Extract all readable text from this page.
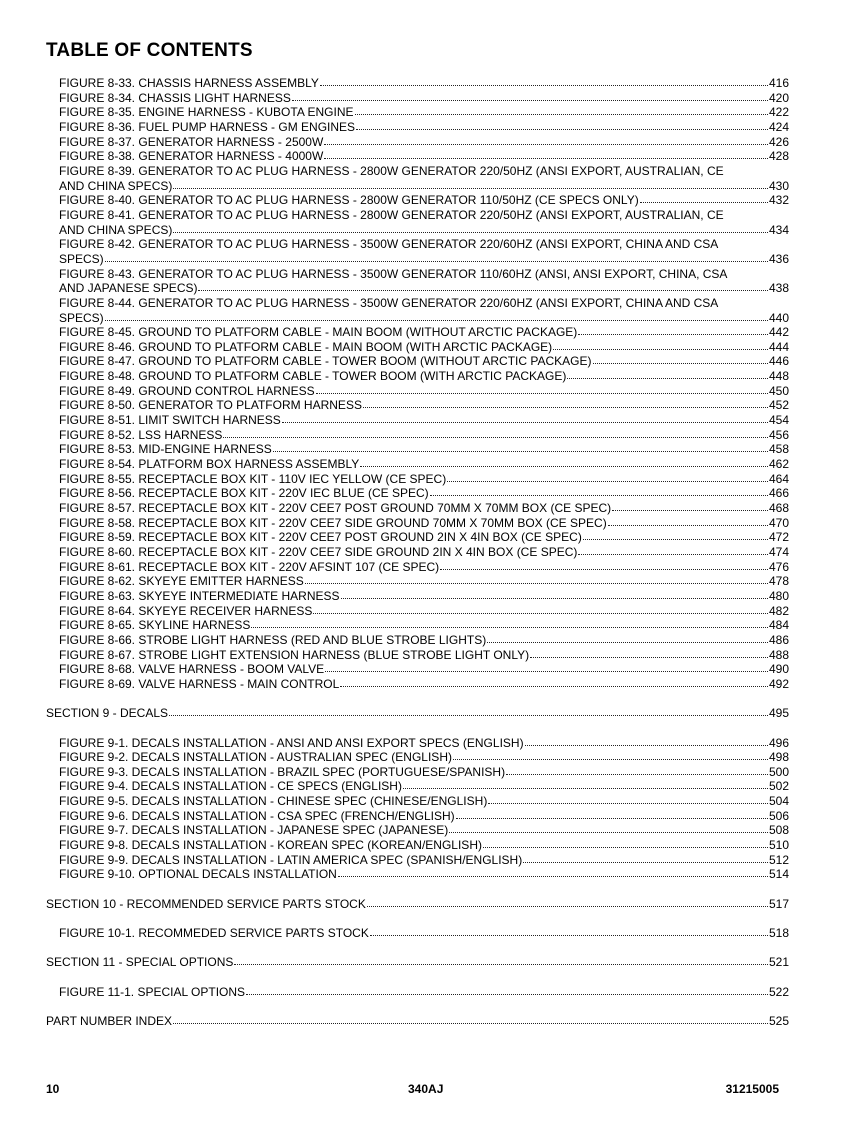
TABLE OF CONTENTS
FIGURE 8-33. CHASSIS HARNESS ASSEMBLY	416
FIGURE 8-34. CHASSIS LIGHT HARNESS	420
FIGURE 8-35. ENGINE HARNESS - KUBOTA ENGINE	422
FIGURE 8-36. FUEL PUMP HARNESS - GM ENGINES	424
FIGURE 8-37. GENERATOR HARNESS - 2500W	426
FIGURE 8-38. GENERATOR HARNESS - 4000W	428
FIGURE 8-39. GENERATOR TO AC PLUG HARNESS - 2800W GENERATOR 220/50HZ (ANSI EXPORT, AUSTRALIAN, CE
AND CHINA SPECS)	430
FIGURE 8-40. GENERATOR TO AC PLUG HARNESS - 2800W GENERATOR 110/50HZ (CE SPECS ONLY)	432
FIGURE 8-41. GENERATOR TO AC PLUG HARNESS - 2800W GENERATOR 220/50HZ (ANSI EXPORT, AUSTRALIAN, CE
AND CHINA SPECS)	434
FIGURE 8-42. GENERATOR TO AC PLUG HARNESS - 3500W GENERATOR 220/60HZ (ANSI EXPORT, CHINA AND CSA
SPECS)	436
FIGURE 8-43. GENERATOR TO AC PLUG HARNESS - 3500W GENERATOR 110/60HZ (ANSI, ANSI EXPORT, CHINA, CSA
AND JAPANESE SPECS)	438
FIGURE 8-44. GENERATOR TO AC PLUG HARNESS - 3500W GENERATOR 220/60HZ (ANSI EXPORT, CHINA AND CSA
SPECS)	440
FIGURE 8-45. GROUND TO PLATFORM CABLE - MAIN BOOM (WITHOUT ARCTIC PACKAGE)	442
FIGURE 8-46. GROUND TO PLATFORM CABLE - MAIN BOOM (WITH ARCTIC PACKAGE)	444
FIGURE 8-47. GROUND TO PLATFORM CABLE - TOWER BOOM (WITHOUT ARCTIC PACKAGE)	446
FIGURE 8-48. GROUND TO PLATFORM CABLE - TOWER BOOM (WITH ARCTIC PACKAGE)	448
FIGURE 8-49. GROUND CONTROL HARNESS	450
FIGURE 8-50. GENERATOR TO PLATFORM HARNESS	452
FIGURE 8-51. LIMIT SWITCH HARNESS	454
FIGURE 8-52. LSS HARNESS	456
FIGURE 8-53. MID-ENGINE HARNESS	458
FIGURE 8-54. PLATFORM BOX HARNESS ASSEMBLY	462
FIGURE 8-55. RECEPTACLE BOX KIT - 110V IEC YELLOW (CE SPEC)	464
FIGURE 8-56. RECEPTACLE BOX KIT - 220V IEC BLUE (CE SPEC)	466
FIGURE 8-57. RECEPTACLE BOX KIT - 220V CEE7 POST GROUND 70MM X 70MM BOX (CE SPEC)	468
FIGURE 8-58. RECEPTACLE BOX KIT - 220V CEE7 SIDE GROUND 70MM X 70MM BOX (CE SPEC)	470
FIGURE 8-59. RECEPTACLE BOX KIT - 220V CEE7 POST GROUND 2IN X 4IN BOX (CE SPEC)	472
FIGURE 8-60. RECEPTACLE BOX KIT - 220V CEE7 SIDE GROUND 2IN X 4IN BOX (CE SPEC)	474
FIGURE 8-61. RECEPTACLE BOX KIT - 220V AFSINT 107 (CE SPEC)	476
FIGURE 8-62. SKYEYE EMITTER HARNESS	478
FIGURE 8-63. SKYEYE INTERMEDIATE HARNESS	480
FIGURE 8-64. SKYEYE RECEIVER HARNESS	482
FIGURE 8-65. SKYLINE HARNESS	484
FIGURE 8-66. STROBE LIGHT HARNESS (RED AND BLUE STROBE LIGHTS)	486
FIGURE 8-67. STROBE LIGHT EXTENSION HARNESS (BLUE STROBE LIGHT ONLY)	488
FIGURE 8-68. VALVE HARNESS - BOOM VALVE	490
FIGURE 8-69. VALVE HARNESS - MAIN CONTROL	492
SECTION 9 - DECALS	495
FIGURE 9-1. DECALS INSTALLATION - ANSI AND ANSI EXPORT SPECS (ENGLISH)	496
FIGURE 9-2. DECALS INSTALLATION - AUSTRALIAN SPEC (ENGLISH)	498
FIGURE 9-3. DECALS INSTALLATION - BRAZIL SPEC (PORTUGUESE/SPANISH)	500
FIGURE 9-4. DECALS INSTALLATION - CE SPECS (ENGLISH)	502
FIGURE 9-5. DECALS INSTALLATION - CHINESE SPEC (CHINESE/ENGLISH)	504
FIGURE 9-6. DECALS INSTALLATION - CSA SPEC (FRENCH/ENGLISH)	506
FIGURE 9-7. DECALS INSTALLATION - JAPANESE SPEC (JAPANESE)	508
FIGURE 9-8. DECALS INSTALLATION - KOREAN SPEC (KOREAN/ENGLISH)	510
FIGURE 9-9. DECALS INSTALLATION - LATIN AMERICA SPEC (SPANISH/ENGLISH)	512
FIGURE 9-10. OPTIONAL DECALS INSTALLATION	514
SECTION 10 - RECOMMENDED SERVICE PARTS STOCK	517
FIGURE 10-1. RECOMMEDED SERVICE PARTS STOCK	518
SECTION 11 - SPECIAL OPTIONS	521
FIGURE 11-1. SPECIAL OPTIONS	522
PART NUMBER INDEX	525
10	340AJ	31215005
